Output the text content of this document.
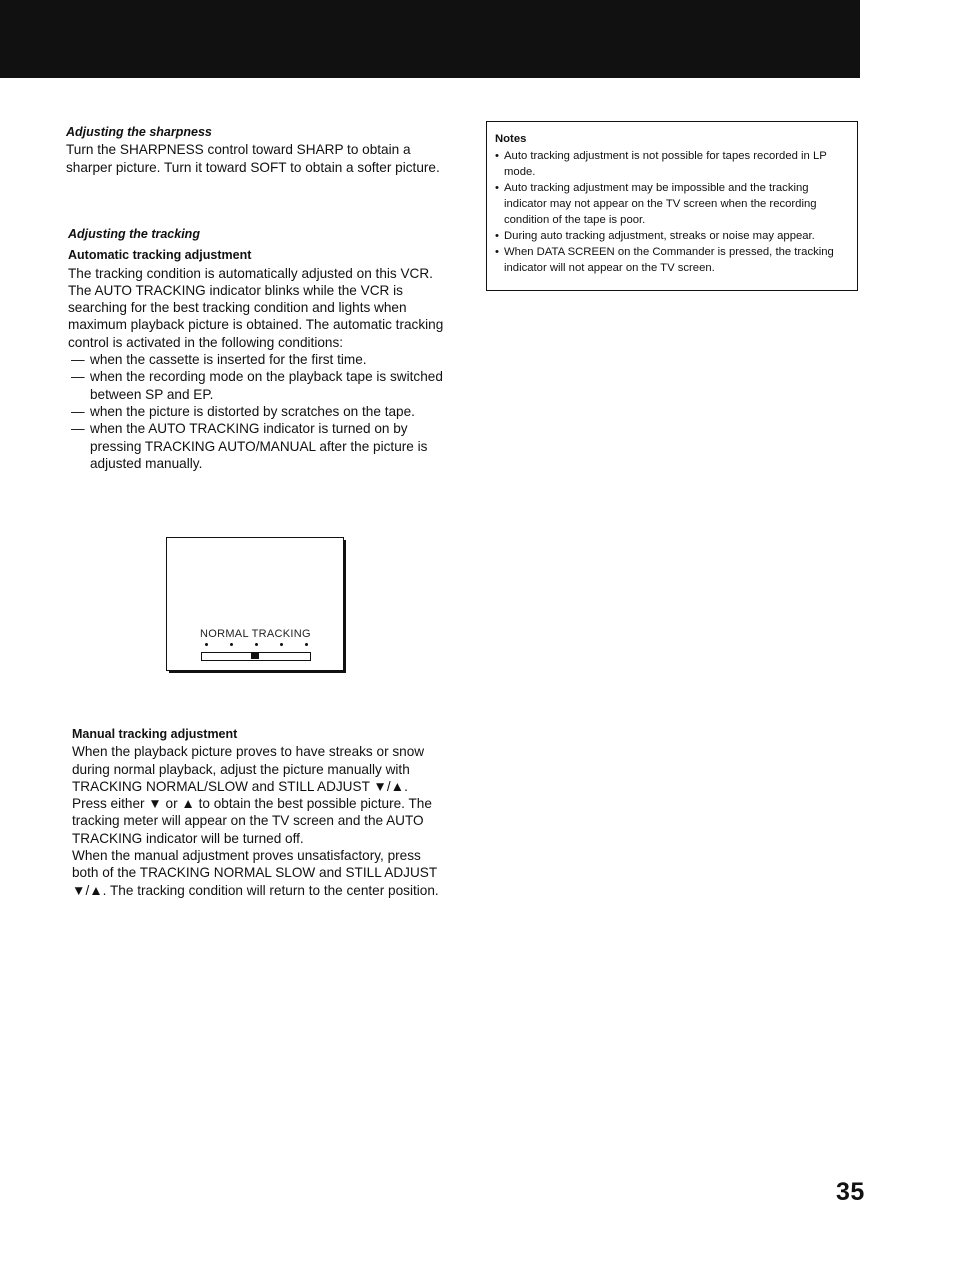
Adjusting the sharpness

Turn the SHARPNESS control toward SHARP to obtain a sharper picture. Turn it toward SOFT to obtain a softer picture.

Adjusting the tracking
Automatic tracking adjustment

The tracking condition is automatically adjusted on this VCR. The AUTO TRACKING indicator blinks while the VCR is searching for the best tracking condition and lights when maximum playback picture is obtained. The automatic tracking control is activated in the following conditions:

— when the cassette is inserted for the first time.
— when the recording mode on the playback tape is switched between SP and EP.
— when the picture is distorted by scratches on the tape.
— when the AUTO TRACKING indicator is turned on by pressing TRACKING AUTO/MANUAL after the picture is adjusted manually.
NORMAL TRACKING
Manual tracking adjustment

When the playback picture proves to have streaks or snow during normal playback, adjust the picture manually with TRACKING NORMAL/SLOW and STILL ADJUST ▼/▲.

Press either ▼ or ▲ to obtain the best possible picture. The tracking meter will appear on the TV screen and the AUTO TRACKING indicator will be turned off.

When the manual adjustment proves unsatisfactory, press both of the TRACKING NORMAL SLOW and STILL ADJUST ▼/▲. The tracking condition will return to the center position.

Notes
• Auto tracking adjustment is not possible for tapes recorded in LP mode.
• Auto tracking adjustment may be impossible and the tracking indicator may not appear on the TV screen when the recording condition of the tape is poor.
• During auto tracking adjustment, streaks or noise may appear.
• When DATA SCREEN on the Commander is pressed, the tracking indicator will not appear on the TV screen.
35
